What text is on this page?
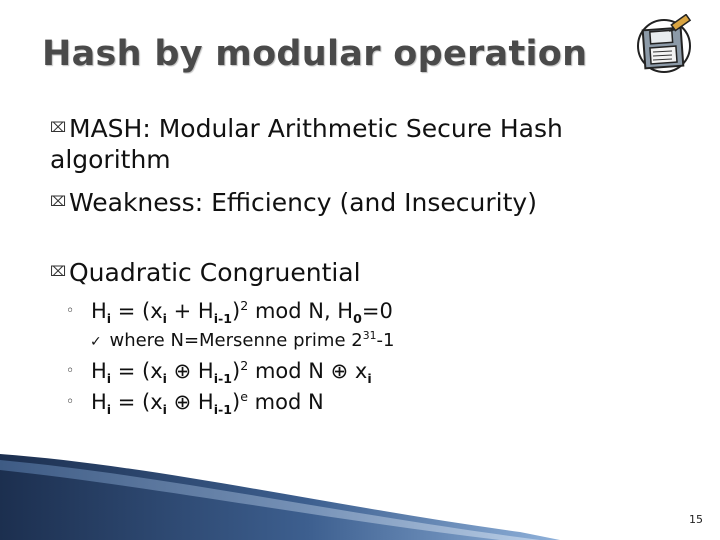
Hash by modular operation
⌧ MASH: Modular Arithmetic Secure Hash
algorithm
⌧ Weakness: Efficiency (and Insecurity)
⌧ Quadratic Congruential
◦ $H_i = (x_i + H_{i-1})^2$ mod N, $H_0=0$
✓ where N=Mersenne prime $2^{31}-1$
◦ $H_i = (x_i$ ⊕ $H_{i-1})^2$ mod N ⊕ $x_i$
◦ $H_i = (x_i$ ⊕ $H_{i-1})^e$ mod N
15
